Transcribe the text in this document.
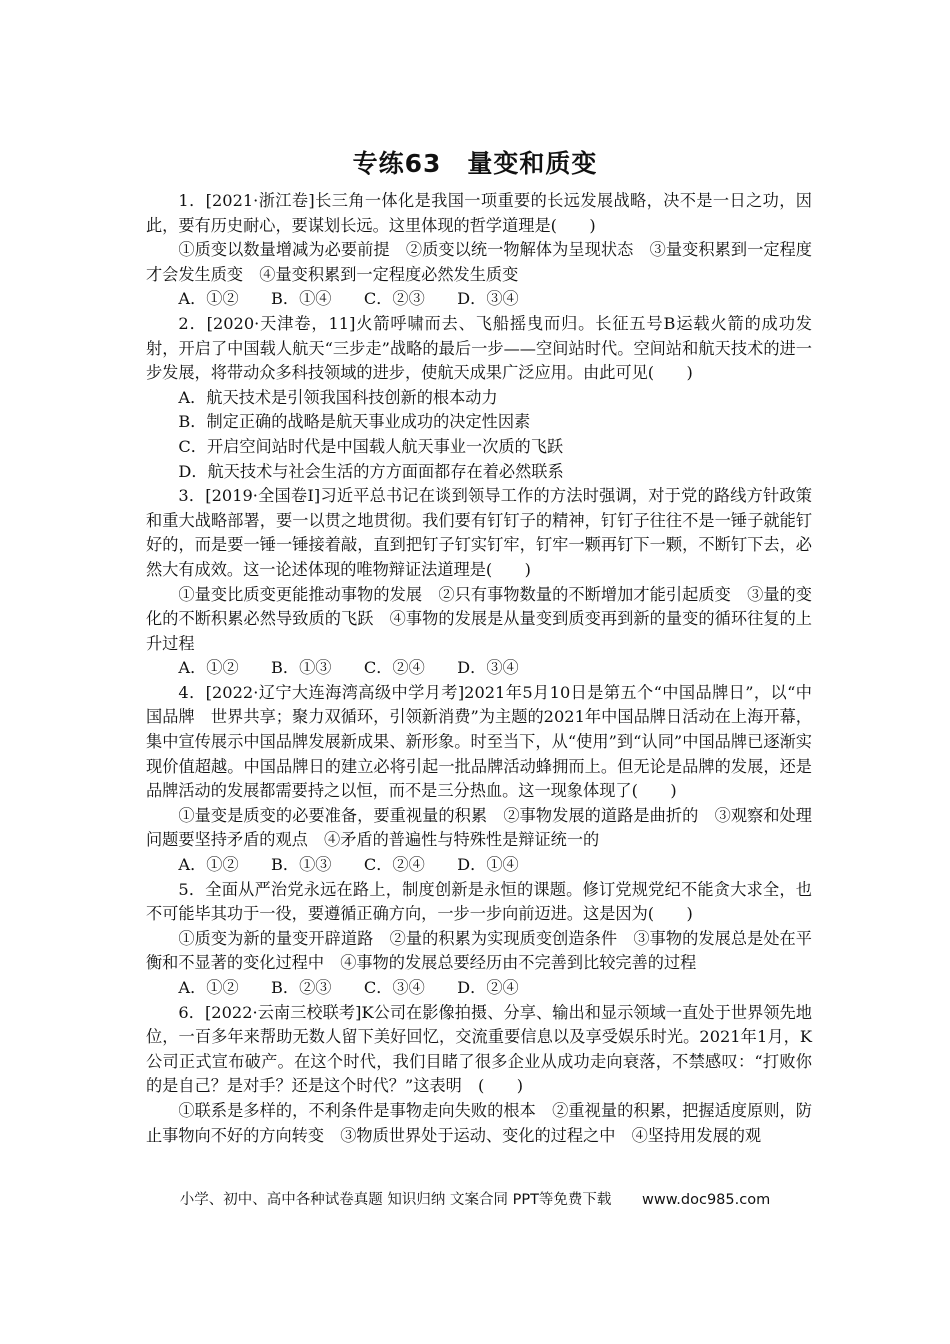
专练63　量变和质变

1．[2021·浙江卷]长三角一体化是我国一项重要的长远发展战略，决不是一日之功，因此，要有历史耐心，要谋划长远。这里体现的哲学道理是(　　)

①质变以数量增减为必要前提　②质变以统一物解体为呈现状态　③量变积累到一定程度才会发生质变　④量变积累到一定程度必然发生质变

A．①②　　B．①④　　C．②③　　D．③④

2．[2020·天津卷，11]火箭呼啸而去、飞船摇曳而归。长征五号B运载火箭的成功发射，开启了中国载人航天“三步走”战略的最后一步——空间站时代。空间站和航天技术的进一步发展，将带动众多科技领域的进步，使航天成果广泛应用。由此可见(　　)

A．航天技术是引领我国科技创新的根本动力

B．制定正确的战略是航天事业成功的决定性因素

C．开启空间站时代是中国载人航天事业一次质的飞跃

D．航天技术与社会生活的方方面面都存在着必然联系

3．[2019·全国卷Ⅰ]习近平总书记在谈到领导工作的方法时强调，对于党的路线方针政策和重大战略部署，要一以贯之地贯彻。我们要有钉钉子的精神，钉钉子往往不是一锤子就能钉好的，而是要一锤一锤接着敲，直到把钉子钉实钉牢，钉牢一颗再钉下一颗，不断钉下去，必然大有成效。这一论述体现的唯物辩证法道理是(　　)

①量变比质变更能推动事物的发展　②只有事物数量的不断增加才能引起质变　③量的变化的不断积累必然导致质的飞跃　④事物的发展是从量变到质变再到新的量变的循环往复的上升过程

A．①②　　B．①③　　C．②④　　D．③④

4．[2022·辽宁大连海湾高级中学月考]2021年5月10日是第五个“中国品牌日”，以“中国品牌　世界共享；聚力双循环，引领新消费”为主题的2021年中国品牌日活动在上海开幕，集中宣传展示中国品牌发展新成果、新形象。时至当下，从“使用”到“认同”中国品牌已逐渐实现价值超越。中国品牌日的建立必将引起一批品牌活动蜂拥而上。但无论是品牌的发展，还是品牌活动的发展都需要持之以恒，而不是三分热血。这一现象体现了(　　)

①量变是质变的必要准备，要重视量的积累　②事物发展的道路是曲折的　③观察和处理问题要坚持矛盾的观点　④矛盾的普遍性与特殊性是辩证统一的

A．①②　　B．①③　　C．②④　　D．①④

5．全面从严治党永远在路上，制度创新是永恒的课题。修订党规党纪不能贪大求全，也不可能毕其功于一役，要遵循正确方向，一步一步向前迈进。这是因为(　　)

①质变为新的量变开辟道路　②量的积累为实现质变创造条件　③事物的发展总是处在平衡和不显著的变化过程中　④事物的发展总要经历由不完善到比较完善的过程

A．①②　　B．②③　　C．③④　　D．②④

6．[2022·云南三校联考]K公司在影像拍摄、分享、输出和显示领域一直处于世界领先地位，一百多年来帮助无数人留下美好回忆，交流重要信息以及享受娱乐时光。2021年1月，K公司正式宣布破产。在这个时代，我们目睹了很多企业从成功走向衰落，不禁感叹：“打败你的是自己？是对手？还是这个时代？”这表明　(　　)

①联系是多样的，不利条件是事物走向失败的根本　②重视量的积累，把握适度原则，防止事物向不好的方向转变　③物质世界处于运动、变化的过程之中　④坚持用发展的观

小学、初中、高中各种试卷真题 知识归纳 文案合同 PPT等免费下载 www.doc985.com
